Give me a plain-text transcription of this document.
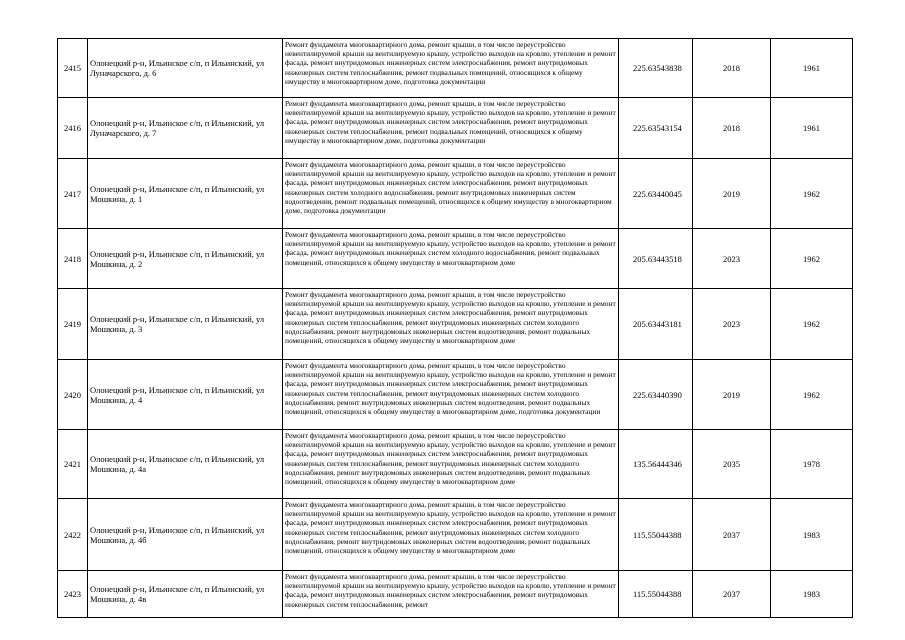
2415	Олонецкий р-н, Ильинское с/п, п Ильинский, ул Луначарского, д. 6	Ремонт фундамента многоквартирного дома, ремонт крыши, в том числе переустройство невентилируемой крыши на вентилируемую крышу, устройство выходов на кровлю, утепление и ремонт фасада, ремонт внутридомовых инженерных систем электроснабжения, ремонт внутридомовых инженерных систем теплоснабжения, ремонт подвальных помещений, относящихся к общему имуществу в многоквартирном доме, подготовка документации	225.63543838	2018	1961
2416	Олонецкий р-н, Ильинское с/п, п Ильинский, ул Луначарского, д. 7	Ремонт фундамента многоквартирного дома, ремонт крыши, в том числе переустройство невентилируемой крыши на вентилируемую крышу, устройство выходов на кровлю, утепление и ремонт фасада, ремонт внутридомовых инженерных систем электроснабжения, ремонт внутридомовых инженерных систем теплоснабжения, ремонт подвальных помещений, относящихся к общему имуществу в многоквартирном доме, подготовка документации	225.63543154	2018	1961
2417	Олонецкий р-н, Ильинское с/п, п Ильинский, ул Мошкина, д. 1	Ремонт фундамента многоквартирного дома, ремонт крыши, в том числе переустройство невентилируемой крыши на вентилируемую крышу, устройство выходов на кровлю, утепление и ремонт фасада, ремонт внутридомовых инженерных систем электроснабжения, ремонт внутридомовых инженерных систем холодного водоснабжения, ремонт внутридомовых инженерных систем водоотведения, ремонт подвальных помещений, относящихся к общему имуществу в многоквартирном доме, подготовка документации	225.63440045	2019	1962
2418	Олонецкий р-н, Ильинское с/п, п Ильинский, ул Мошкина, д. 2	Ремонт фундамента многоквартирного дома, ремонт крыши, в том числе переустройство невентилируемой крыши на вентилируемую крышу, устройство выходов на кровлю, утепление и ремонт фасада, ремонт внутридомовых инженерных систем холодного водоснабжения, ремонт подвальных помещений, относящихся к общему имуществу в многоквартирном доме	205.63443518	2023	1962
2419	Олонецкий р-н, Ильинское с/п, п Ильинский, ул Мошкина, д. 3	Ремонт фундамента многоквартирного дома, ремонт крыши, в том числе переустройство невентилируемой крыши на вентилируемую крышу, устройство выходов на кровлю, утепление и ремонт фасада, ремонт внутридомовых инженерных систем электроснабжения, ремонт внутридомовых инженерных систем теплоснабжения, ремонт внутридомовых инженерных систем холодного водоснабжения, ремонт внутридомовых инженерных систем водоотведения, ремонт подвальных помещений, относящихся к общему имуществу в многоквартирном доме	205.63443181	2023	1962
2420	Олонецкий р-н, Ильинское с/п, п Ильинский, ул Мошкина, д. 4	Ремонт фундамента многоквартирного дома, ремонт крыши, в том числе переустройство невентилируемой крыши на вентилируемую крышу, устройство выходов на кровлю, утепление и ремонт фасада, ремонт внутридомовых инженерных систем электроснабжения, ремонт внутридомовых инженерных систем теплоснабжения, ремонт внутридомовых инженерных систем холодного водоснабжения, ремонт внутридомовых инженерных систем водоотведения, ремонт подвальных помещений, относящихся к общему имуществу в многоквартирном доме, подготовка документации	225.63440390	2019	1962
2421	Олонецкий р-н, Ильинское с/п, п Ильинский, ул Мошкина, д. 4а	Ремонт фундамента многоквартирного дома, ремонт крыши, в том числе переустройство невентилируемой крыши на вентилируемую крышу, устройство выходов на кровлю, утепление и ремонт фасада, ремонт внутридомовых инженерных систем электроснабжения, ремонт внутридомовых инженерных систем теплоснабжения, ремонт внутридомовых инженерных систем холодного водоснабжения, ремонт внутридомовых инженерных систем водоотведения, ремонт подвальных помещений, относящихся к общему имуществу в многоквартирном доме	135.56444346	2035	1978
2422	Олонецкий р-н, Ильинское с/п, п Ильинский, ул Мошкина, д. 4б	Ремонт фундамента многоквартирного дома, ремонт крыши, в том числе переустройство невентилируемой крыши на вентилируемую крышу, устройство выходов на кровлю, утепление и ремонт фасада, ремонт внутридомовых инженерных систем электроснабжения, ремонт внутридомовых инженерных систем теплоснабжения, ремонт внутридомовых инженерных систем холодного водоснабжения, ремонт внутридомовых инженерных систем водоотведения, ремонт подвальных помещений, относящихся к общему имуществу в многоквартирном доме	115.55044388	2037	1983
2423	Олонецкий р-н, Ильинское с/п, п Ильинский, ул Мошкина, д. 4в	Ремонт фундамента многоквартирного дома, ремонт крыши, в том числе переустройство невентилируемой крыши на вентилируемую крышу, устройство выходов на кровлю, утепление и ремонт фасада, ремонт внутридомовых инженерных систем электроснабжения, ремонт внутридомовых инженерных систем теплоснабжения, ремонт	115.55044388	2037	1983
